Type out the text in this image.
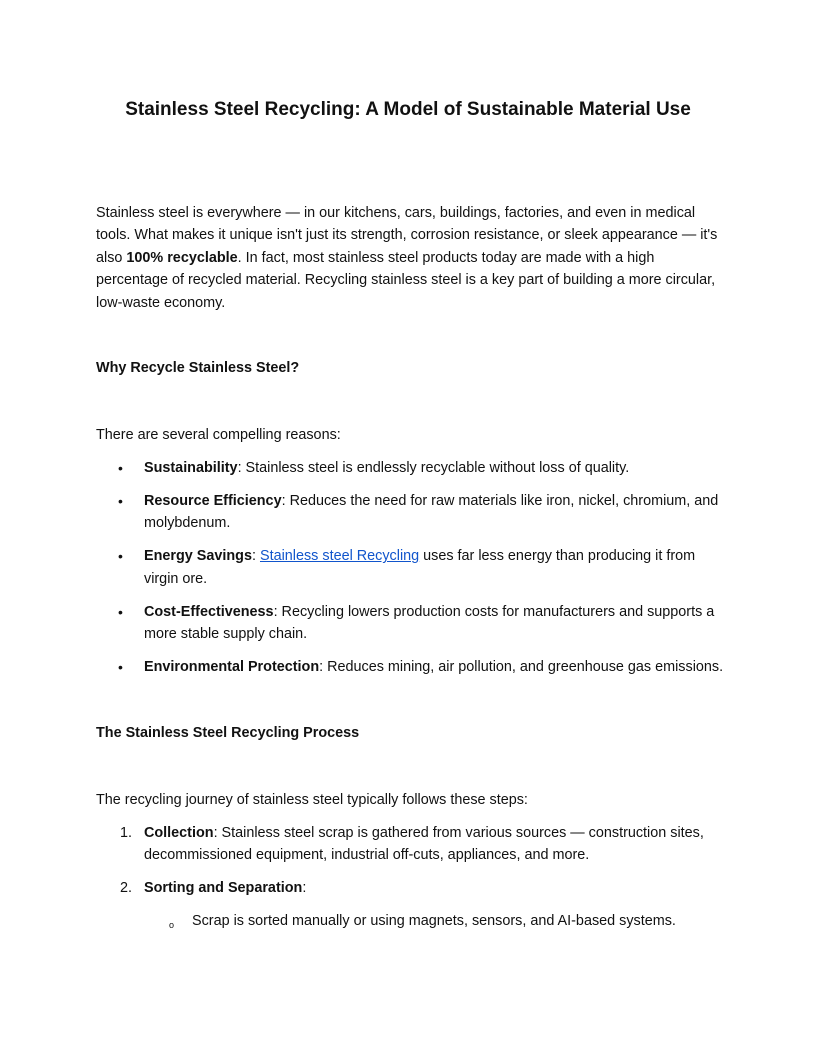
Stainless Steel Recycling: A Model of Sustainable Material Use

Stainless steel is everywhere — in our kitchens, cars, buildings, factories, and even in medical tools. What makes it unique isn't just its strength, corrosion resistance, or sleek appearance — it's also 100% recyclable. In fact, most stainless steel products today are made with a high percentage of recycled material. Recycling stainless steel is a key part of building a more circular, low-waste economy.

Why Recycle Stainless Steel?

There are several compelling reasons:

• Sustainability: Stainless steel is endlessly recyclable without loss of quality.
• Resource Efficiency: Reduces the need for raw materials like iron, nickel, chromium, and molybdenum.
• Energy Savings: Stainless steel Recycling uses far less energy than producing it from virgin ore.
• Cost-Effectiveness: Recycling lowers production costs for manufacturers and supports a more stable supply chain.
• Environmental Protection: Reduces mining, air pollution, and greenhouse gas emissions.
The Stainless Steel Recycling Process

The recycling journey of stainless steel typically follows these steps:

1. Collection: Stainless steel scrap is gathered from various sources — construction sites, decommissioned equipment, industrial off-cuts, appliances, and more.
2. Sorting and Separation:
o Scrap is sorted manually or using magnets, sensors, and AI-based systems.
